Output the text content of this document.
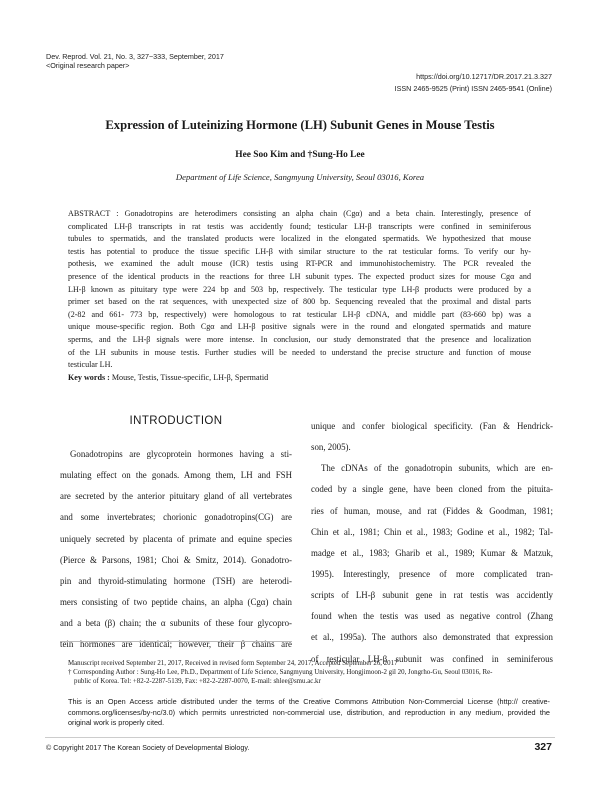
Dev. Reprod. Vol. 21, No. 3, 327~333, September, 2017
<Original research paper>
https://doi.org/10.12717/DR.2017.21.3.327
ISSN 2465-9525 (Print) ISSN 2465-9541 (Online)
Expression of Luteinizing Hormone (LH) Subunit Genes in Mouse Testis
Hee Soo Kim and †Sung-Ho Lee
Department of Life Science, Sangmyung University, Seoul 03016, Korea
ABSTRACT : Gonadotropins are heterodimers consisting an alpha chain (Cgα) and a beta chain. Interestingly, presence of
complicated LH-β transcripts in rat testis was accidently found; testicular LH-β transcripts were confined in seminiferous
tubules to spermatids, and the translated products were localized in the elongated spermatids. We hypothesized that mouse
testis has potential to produce the tissue specific LH-β with similar structure to the rat testicular forms. To verify our hy-
pothesis, we examined the adult mouse (ICR) testis using RT-PCR and immunohistochemistry. The PCR revealed the
presence of the identical products in the reactions for three LH subunit types. The expected product sizes for mouse Cgα and
LH-β known as pituitary type were 224 bp and 503 bp, respectively. The testicular type LH-β products were produced by a
primer set based on the rat sequences, with unexpected size of 800 bp. Sequencing revealed that the proximal and distal parts
(2-82 and 661- 773 bp, respectively) were homologous to rat testicular LH-β cDNA, and middle part (83-660 bp) was a
unique mouse-specific region. Both Cgα and LH-β positive signals were in the round and elongated spermatids and mature
sperms, and the LH-β signals were more intense. In conclusion, our study demonstrated that the presence and localization
of the LH subunits in mouse testis. Further studies will be needed to understand the precise structure and function of mouse
testicular LH.
Key words : Mouse, Testis, Tissue-specific, LH-β, Spermatid
INTRODUCTION
Gonadotropins are glycoprotein hormones having a sti-
mulating effect on the gonads. Among them, LH and FSH
are secreted by the anterior pituitary gland of all vertebrates
and some invertebrates; chorionic gonadotropins(CG) are
uniquely secreted by placenta of primate and equine species
(Pierce & Parsons, 1981; Choi & Smitz, 2014). Gonadotro-
pin and thyroid-stimulating hormone (TSH) are heterodi-
mers consisting of two peptide chains, an alpha (Cgα) chain
and a beta (β) chain; the α subunits of these four glycopro-
tein hormones are identical; however, their β chains are
unique and confer biological specificity. (Fan & Hendrick-
son, 2005).
The cDNAs of the gonadotropin subunits, which are en-
coded by a single gene, have been cloned from the pituita-
ries of human, mouse, and rat (Fiddes & Goodman, 1981;
Chin et al., 1981; Chin et al., 1983; Godine et al., 1982; Tal-
madge et al., 1983; Gharib et al., 1989; Kumar & Matzuk,
1995). Interestingly, presence of more complicated tran-
scripts of LH-β subunit gene in rat testis was accidently
found when the testis was used as negative control (Zhang
et al., 1995a). The authors also demonstrated that expression
of testicular LH-β subunit was confined in seminiferous
Manuscript received September 21, 2017, Received in revised form September 24, 2017, Accepted September 26, 2017
† Corresponding Author : Sung-Ho Lee, Ph.D., Department of Life Science, Sangmyung University, Hongjimoon-2 gil 20, Jongrho-Gu, Seoul 03016, Re-
public of Korea. Tel: +82-2-2287-5139, Fax: +82-2-2287-0070, E-mail: shlee@smu.ac.kr
This is an Open Access article distributed under the terms of the Creative Commons Attribution Non-Commercial License (http:// creative-
commons.org/licenses/by-nc/3.0) which permits unrestricted non-commercial use, distribution, and reproduction in any medium, provided the
original work is properly cited.
© Copyright 2017 The Korean Society of Developmental Biology.	327
